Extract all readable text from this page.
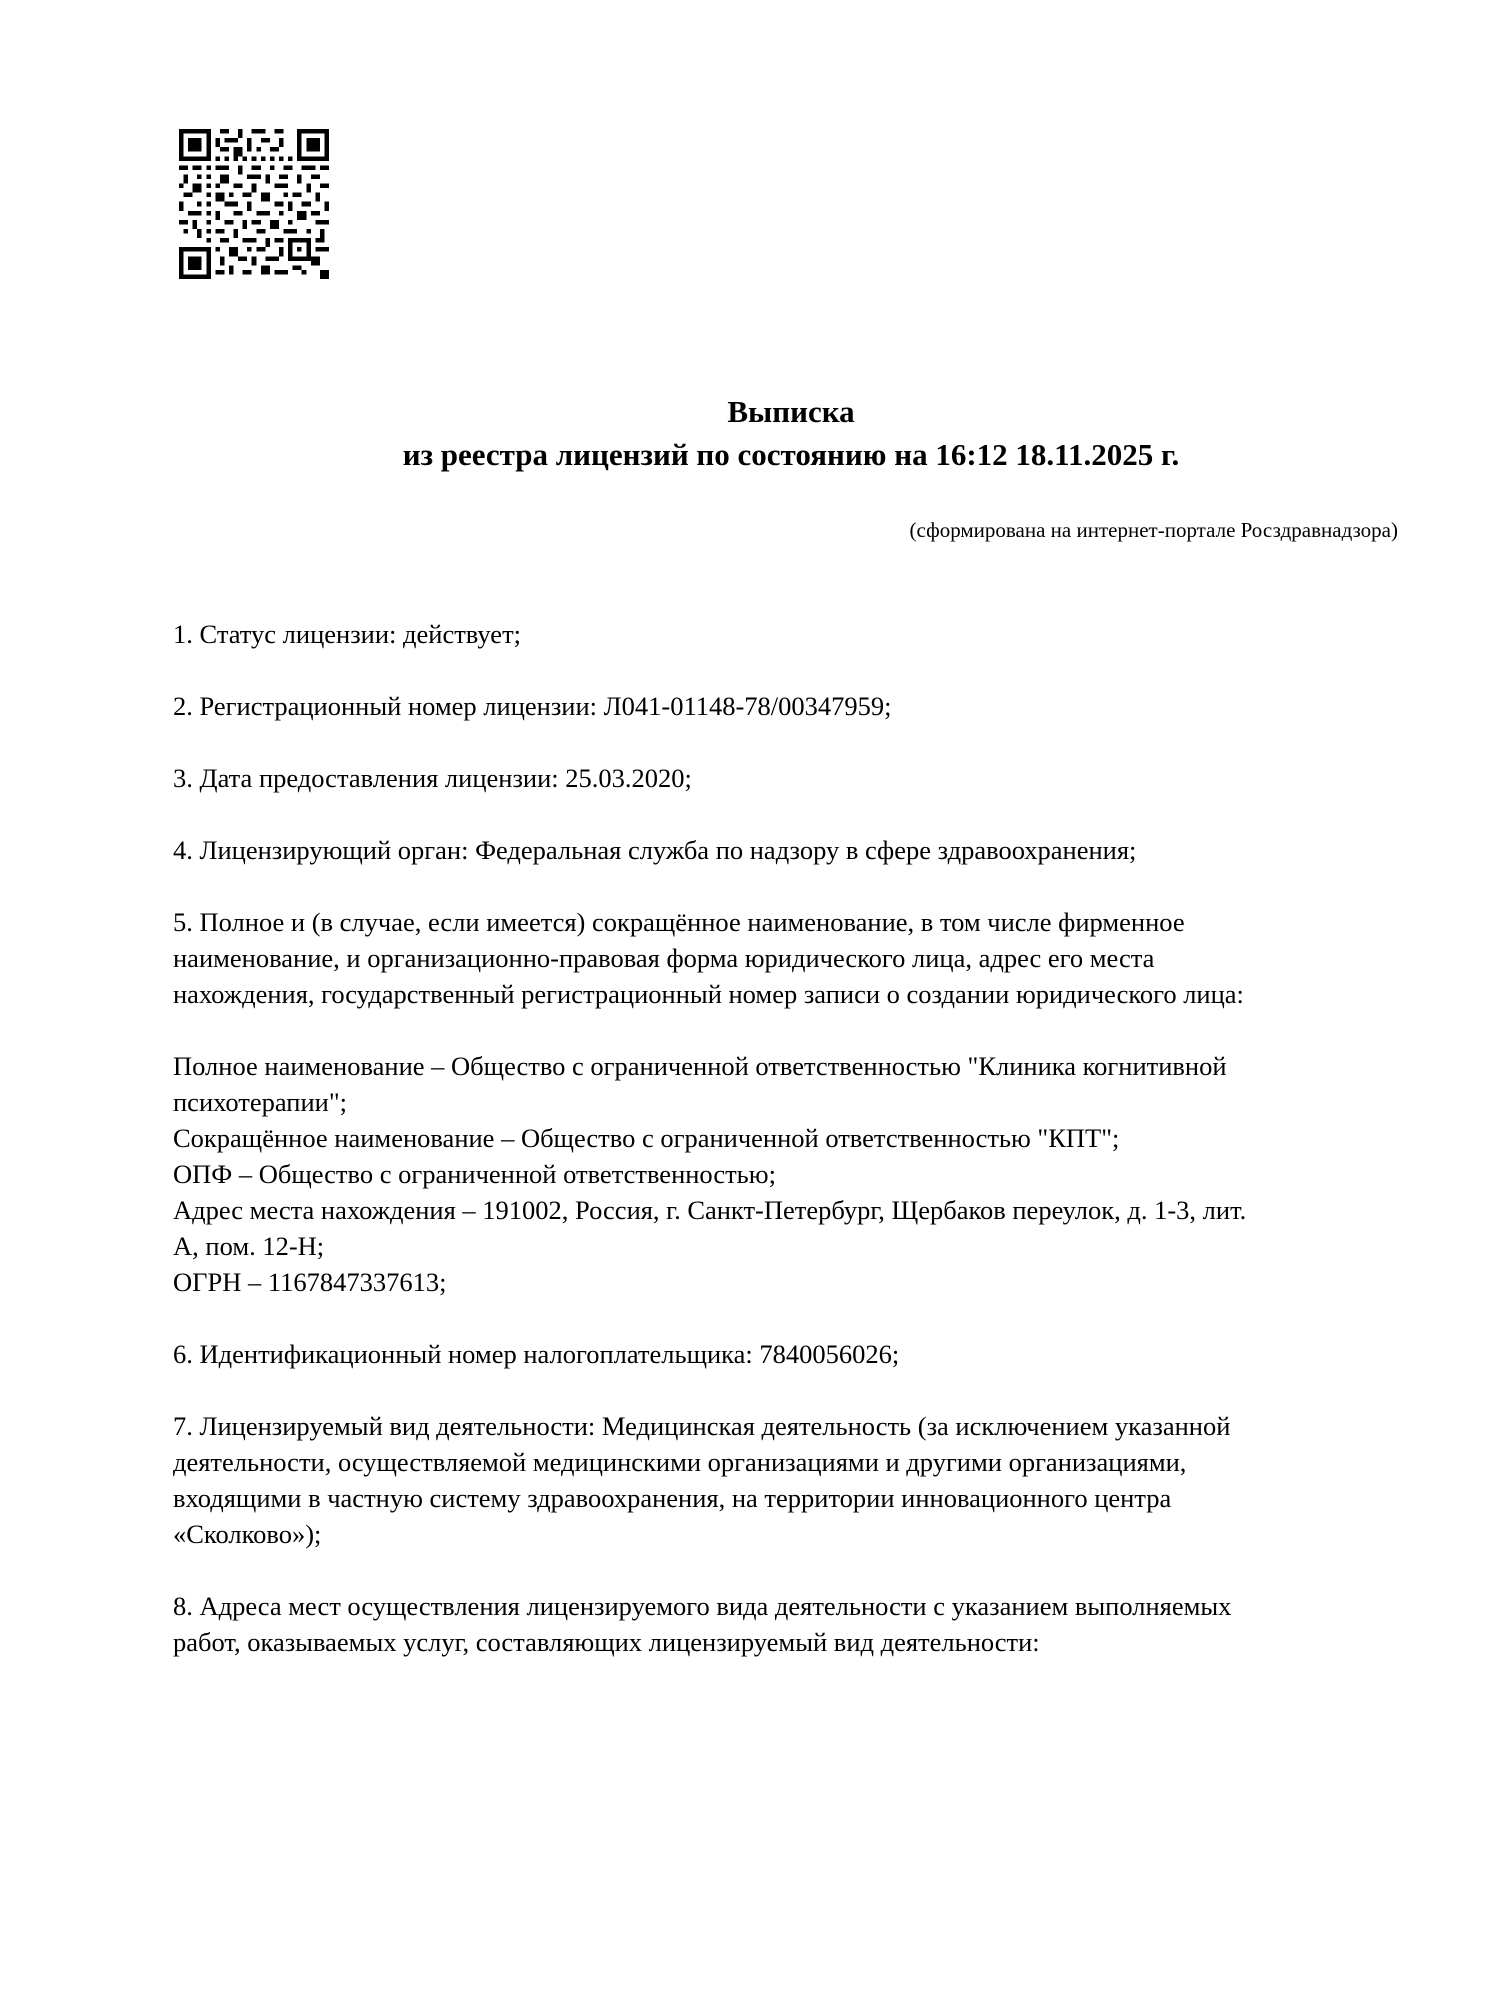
Выписка
из реестра лицензий по состоянию на 16:12 18.11.2025 г.
(сформирована на интернет-портале Росздравнадзора)

1. Статус лицензии: действует;

2. Регистрационный номер лицензии: Л041-01148-78/00347959;

3. Дата предоставления лицензии: 25.03.2020;

4. Лицензирующий орган: Федеральная служба по надзору в сфере здравоохранения;

5. Полное и (в случае, если имеется) сокращённое наименование, в том числе фирменное

наименование, и организационно-правовая форма юридического лица, адрес его места

нахождения, государственный регистрационный номер записи о создании юридического лица:

Полное наименование – Общество с ограниченной ответственностью "Клиника когнитивной

психотерапии";

Сокращённое наименование – Общество с ограниченной ответственностью "КПТ";

ОПФ – Общество с ограниченной ответственностью;

Адрес места нахождения – 191002, Россия, г. Санкт-Петербург, Щербаков переулок, д. 1-3, лит.

А, пом. 12-Н;

ОГРН – 1167847337613;

6. Идентификационный номер налогоплательщика: 7840056026;

7. Лицензируемый вид деятельности: Медицинская деятельность (за исключением указанной

деятельности, осуществляемой медицинскими организациями и другими организациями,

входящими в частную систему здравоохранения, на территории инновационного центра

«Сколково»);

8. Адреса мест осуществления лицензируемого вида деятельности с указанием выполняемых

работ, оказываемых услуг, составляющих лицензируемый вид деятельности:
